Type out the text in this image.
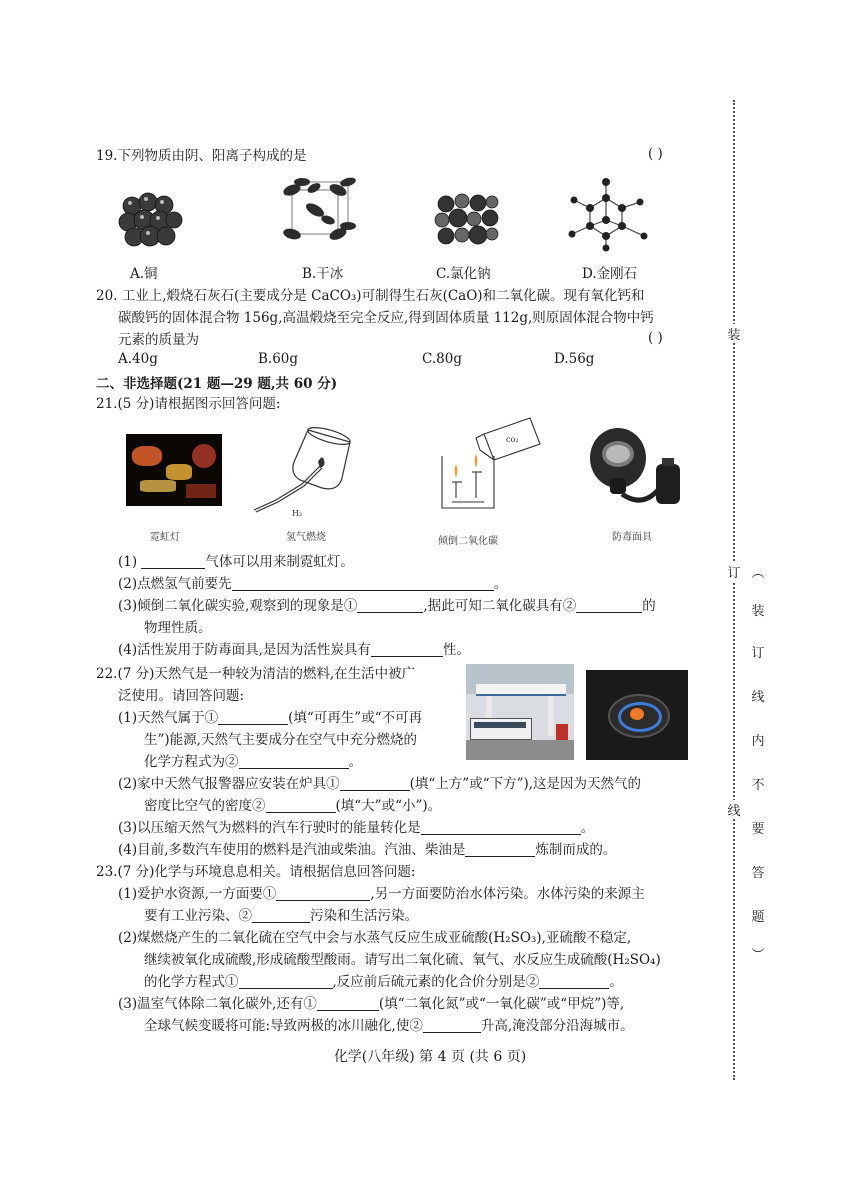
19.下列物质由阴、阳离子构成的是	( )
A.铜	B.干冰	C.氯化钠	D.金刚石
20. 工业上,煅烧石灰石(主要成分是 CaCO₃)可制得生石灰(CaO)和二氧化碳。现有氧化钙和
碳酸钙的固体混合物 156g,高温煅烧至完全反应,得到固体质量 112g,则原固体混合物中钙
元素的质量为	( )
A.40g	B.60g	C.80g	D.56g
二、非选择题(21 题—29 题,共 60 分)
21.(5 分)请根据图示回答问题:
H₂
co₂
霓虹灯	氢气燃烧	倾倒二氧化碳	防毒面具
(1)	气体可以用来制霓虹灯。
(2)点燃氢气前要先	。
(3)倾倒二氧化碳实验,观察到的现象是①	,据此可知二氧化碳具有②	的
物理性质。
(4)活性炭用于防毒面具,是因为活性炭具有	性。
22.(7 分)天然气是一种较为清洁的燃料,在生活中被广
泛使用。请回答问题:
(1)天然气属于①	(填“可再生”或“不可再
生”)能源,天然气主要成分在空气中充分燃烧的
化学方程式为②	。
(2)家中天然气报警器应安装在炉具①	(填“上方”或“下方”),这是因为天然气的
密度比空气的密度②	(填“大”或“小”)。
(3)以压缩天然气为燃料的汽车行驶时的能量转化是	。
(4)目前,多数汽车使用的燃料是汽油或柴油。汽油、柴油是	炼制而成的。
23.(7 分)化学与环境息息相关。请根据信息回答问题:
(1)爱护水资源,一方面要①	,另一方面要防治水体污染。水体污染的来源主
要有工业污染、②	污染和生活污染。
(2)煤燃烧产生的二氧化硫在空气中会与水蒸气反应生成亚硫酸(H₂SO₃),亚硫酸不稳定,
继续被氧化成硫酸,形成硫酸型酸雨。请写出二氧化硫、氧气、水反应生成硫酸(H₂SO₄)
的化学方程式①	,反应前后硫元素的化合价分别是②	。
(3)温室气体除二氧化碳外,还有①	(填“二氧化氮”或“一氧化碳”或“甲烷”)等,
全球气候变暖将可能:导致两极的冰川融化,使②	升高,淹没部分沿海城市。
化学(八年级) 第 4 页 (共 6 页)
装
订
线
︵
装
订
线
内
不
要
答
题
︶
